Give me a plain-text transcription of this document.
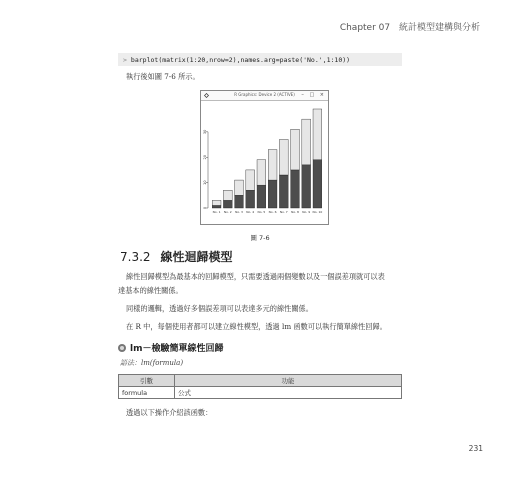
Chapter 07 統計模型建構與分析
> barplot(matrix(1:20,nrow=2),names.arg=paste('No.',1:10))
執行後如圖 7-6 所示。
R Graphics: Device 2 (ACTIVE)	– □ ×
0
10
20
30
No. 1 No. 2 No. 3 No. 4 No. 5 No. 6 No. 7 No. 8 No. 9 No. 10
圖 7-6
7.3.2 線性迴歸模型
線性回歸模型為最基本的回歸模型，只需要透過兩個變數以及一個誤差項就可以表
達基本的線性關係。
同樣的邏輯，透過好多個誤差項可以表達多元的線性關係。
在 R 中，每個使用者都可以建立線性模型，透過 lm 函數可以執行簡單線性回歸。
lm－檢驗簡單線性回歸
語法：lm(formula)
引數	功能
formula	公式
透過以下操作介紹該函數：
231
